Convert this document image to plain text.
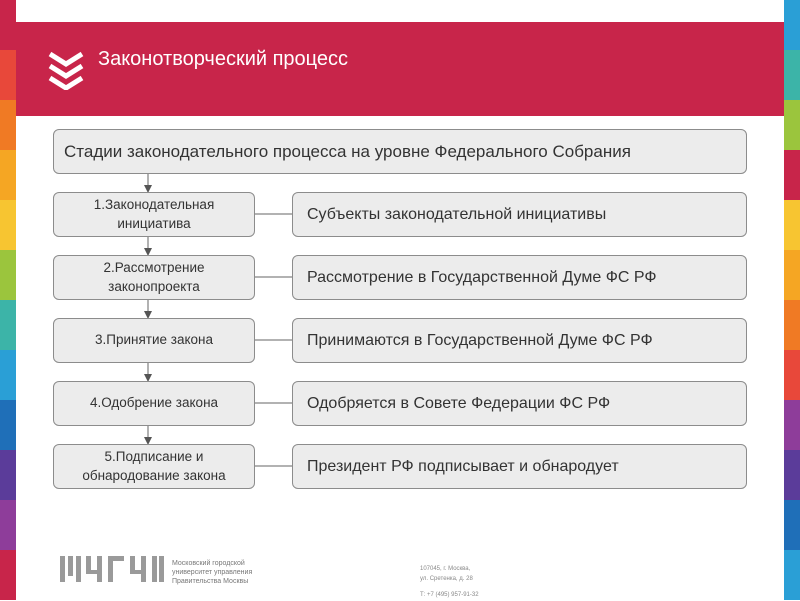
Законотворческий процесс
Стадии законодательного процесса на уровне Федерального Собрания
1.Законодательная
инициатива
Субъекты законодательной инициативы
2.Рассмотрение
законопроекта
Рассмотрение в Государственной Думе ФС РФ
3.Принятие закона	Принимаются в Государственной Думе ФС РФ
4.Одобрение закона	Одобряется в Совете Федерации ФС РФ
5.Подписание и
обнародование закона
Президент РФ подписывает и обнародует
МГУУ
Московский городской
университет управления
Правительства Москвы
107045, г. Москва,
ул. Сретенка, д. 28
Т: +7 (495) 957-91-32
